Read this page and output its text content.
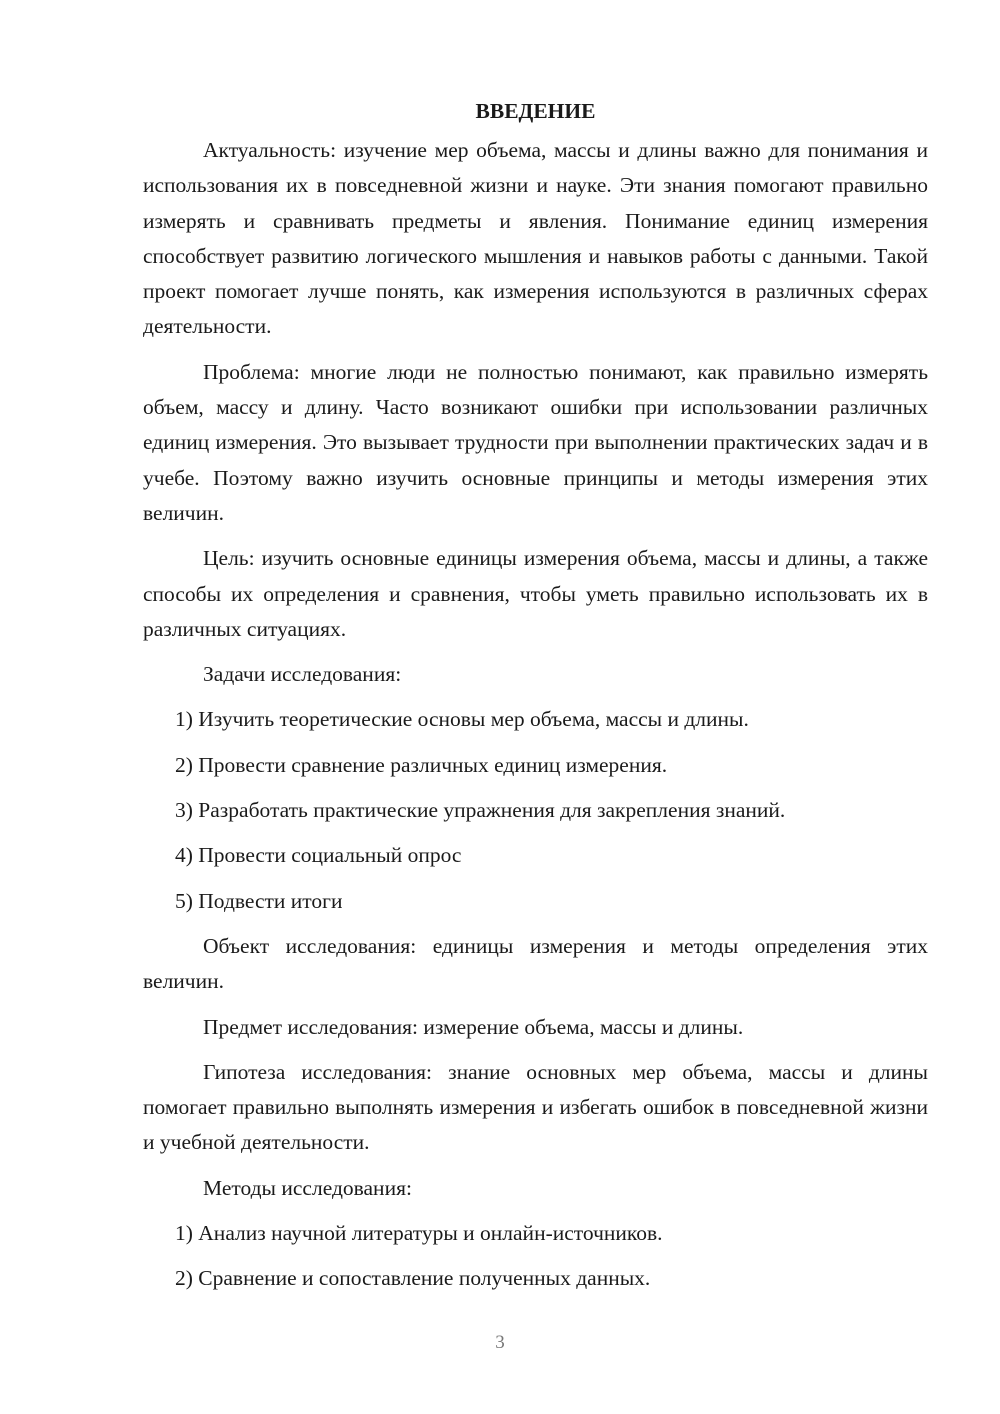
ВВЕДЕНИЕ

Актуальность: изучение мер объема, массы и длины важно для понимания и использования их в повседневной жизни и науке. Эти знания помогают правильно измерять и сравнивать предметы и явления. Понимание единиц измерения способствует развитию логического мышления и навыков работы с данными. Такой проект помогает лучше понять, как измерения используются в различных сферах деятельности.

Проблема: многие люди не полностью понимают, как правильно измерять объем, массу и длину. Часто возникают ошибки при использовании различных единиц измерения. Это вызывает трудности при выполнении практических задач и в учебе. Поэтому важно изучить основные принципы и методы измерения этих величин.

Цель: изучить основные единицы измерения объема, массы и длины, а также способы их определения и сравнения, чтобы уметь правильно использовать их в различных ситуациях.

Задачи исследования:

1) Изучить теоретические основы мер объема, массы и длины.
2) Провести сравнение различных единиц измерения.
3) Разработать практические упражнения для закрепления знаний.
4) Провести социальный опрос
5) Подвести итоги

Объект исследования: единицы измерения и методы определения этих величин.

Предмет исследования: измерение объема, массы и длины.

Гипотеза исследования: знание основных мер объема, массы и длины помогает правильно выполнять измерения и избегать ошибок в повседневной жизни и учебной деятельности.

Методы исследования:

1) Анализ научной литературы и онлайн-источников.
2) Сравнение и сопоставление полученных данных.
3
